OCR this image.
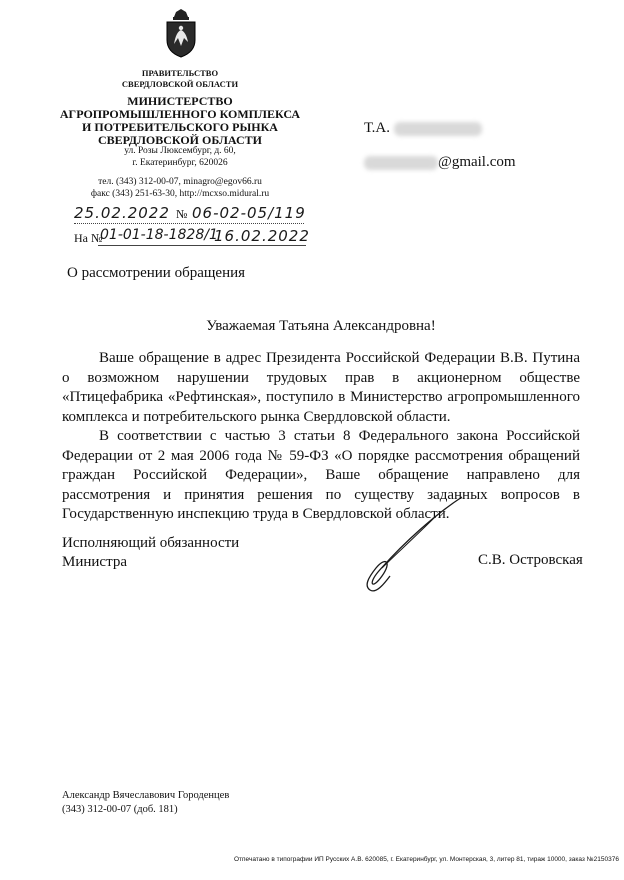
ПРАВИТЕЛЬСТВО
СВЕРДЛОВСКОЙ ОБЛАСТИ
МИНИСТЕРСТВО
АГРОПРОМЫШЛЕННОГО КОМПЛЕКСА
И ПОТРЕБИТЕЛЬСКОГО РЫНКА
СВЕРДЛОВСКОЙ ОБЛАСТИ
ул. Розы Люксембург, д. 60,
г. Екатеринбург, 620026
тел. (343) 312-00-07, minagro@egov66.ru
факс (343) 251-63-30, http://mcxso.midural.ru
25.02.2022 № 06-02-05/119
На №
01-01-18-1828/1
16.02.2022
Т.А.
@gmail.com
О рассмотрении обращения
Уважаемая Татьяна Александровна!

Ваше обращение в адрес Президента Российской Федерации В.В. Путина о возможном нарушении трудовых прав в акционерном обществе «Птицефабрика «Рефтинская», поступило в Министерство агропромышленного комплекса и потребительского рынка Свердловской области.

В соответствии с частью 3 статьи 8 Федерального закона Российской Федерации от 2 мая 2006 года № 59-ФЗ «О порядке рассмотрения обращений граждан Российской Федерации», Ваше обращение направлено для рассмотрения и принятия решения по существу заданных вопросов в Государственную инспекцию труда в Свердловской области.

Исполняющий обязанности
Министра	С.В. Островская
Александр Вячеславович Городенцев
(343) 312-00-07 (доб. 181)
Отпечатано в типографии ИП Русских А.В. 620085, г. Екатеринбург, ул. Монтерская, 3, литер 81, тираж 10000, заказ №2150376
